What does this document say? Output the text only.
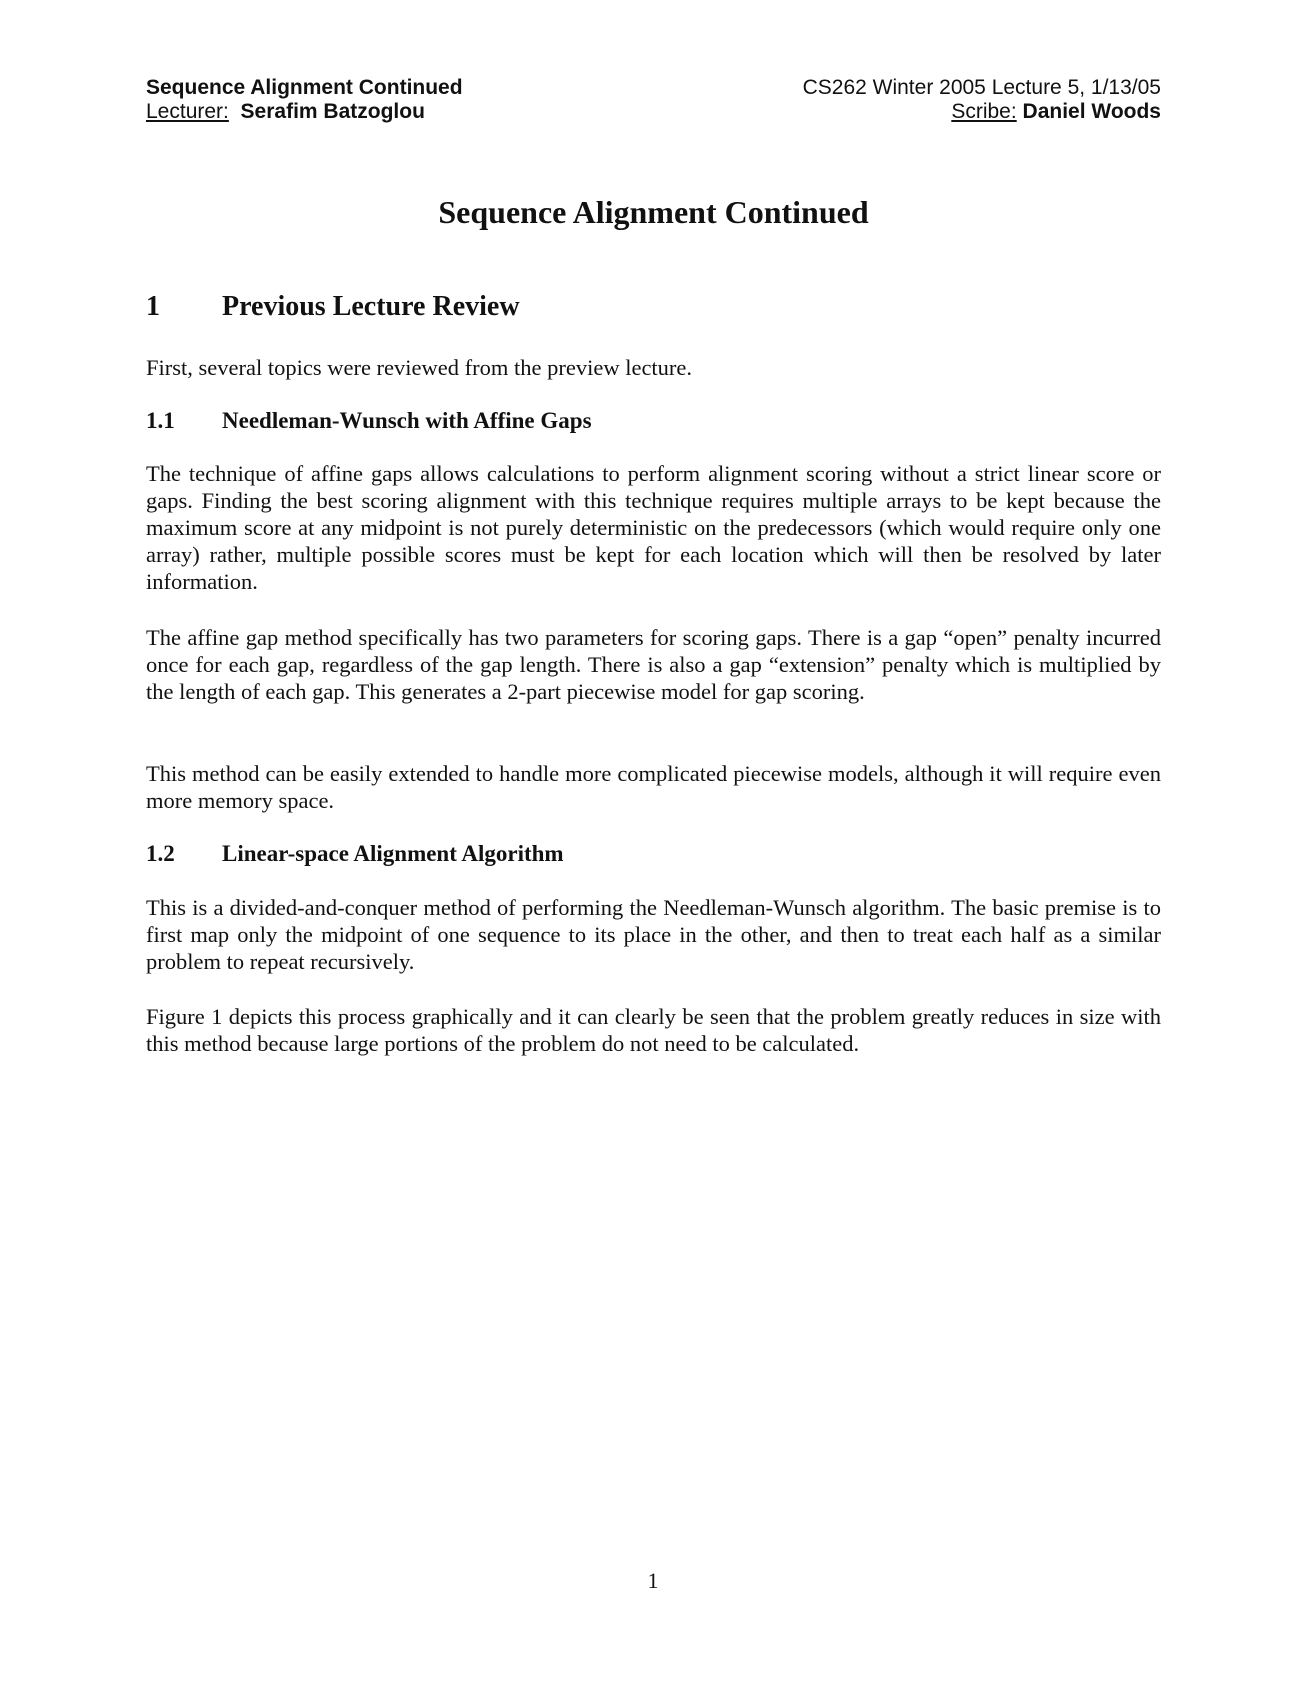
Sequence Alignment Continued
Lecturer: Serafim Batzoglou
CS262 Winter 2005 Lecture 5, 1/13/05
Scribe: Daniel Woods
Sequence Alignment Continued
1 Previous Lecture Review
First, several topics were reviewed from the preview lecture.
1.1 Needleman-Wunsch with Affine Gaps
The technique of affine gaps allows calculations to perform alignment scoring without a strict linear score or gaps. Finding the best scoring alignment with this technique requires multiple arrays to be kept because the maximum score at any midpoint is not purely deterministic on the predecessors (which would require only one array) rather, multiple possible scores must be kept for each location which will then be resolved by later information.
The affine gap method specifically has two parameters for scoring gaps. There is a gap “open” penalty incurred once for each gap, regardless of the gap length. There is also a gap “extension” penalty which is multiplied by the length of each gap. This generates a 2-part piecewise model for gap scoring.
This method can be easily extended to handle more complicated piecewise models, although it will require even more memory space.
1.2 Linear-space Alignment Algorithm
This is a divided-and-conquer method of performing the Needleman-Wunsch algorithm. The basic premise is to first map only the midpoint of one sequence to its place in the other, and then to treat each half as a similar problem to repeat recursively.
Figure 1 depicts this process graphically and it can clearly be seen that the problem greatly reduces in size with this method because large portions of the problem do not need to be calculated.
1
